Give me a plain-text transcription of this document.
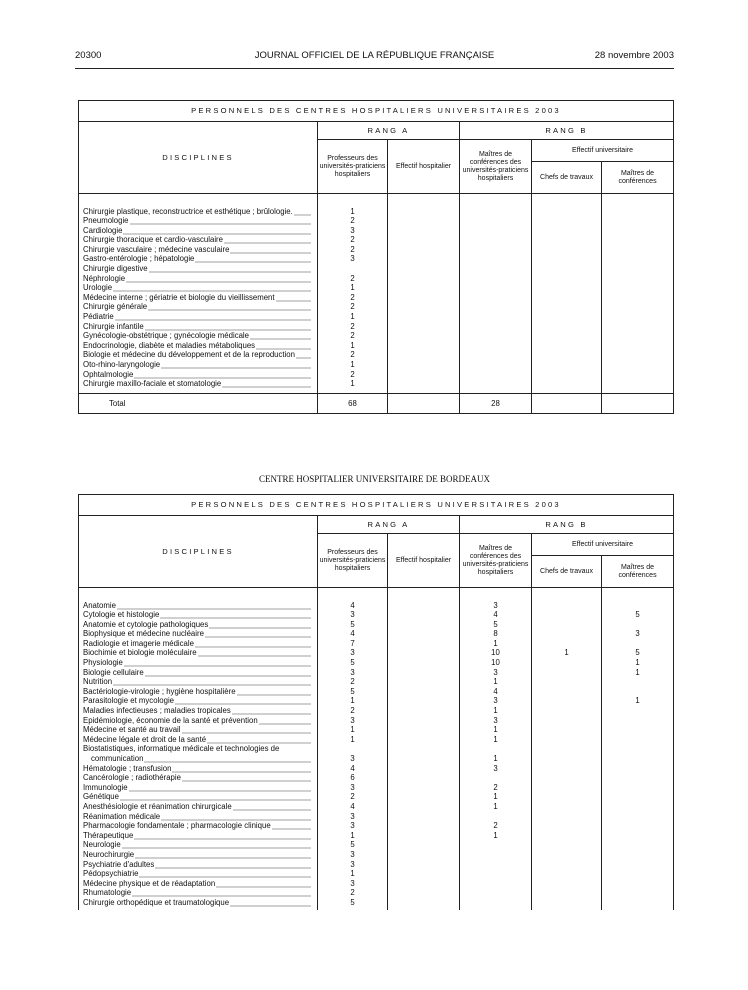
20300	JOURNAL OFFICIEL DE LA RÉPUBLIQUE FRANÇAISE	28 novembre 2003
PERSONNELS DES CENTRES HOSPITALIERS UNIVERSITAIRES 2003					
DISCIPLINES	RANG A		RANG B		
	Professeurs des universités-praticiens hospitaliers	Effectif hospitalier	Maîtres de conférences des universités-praticiens hospitaliers	Effectif universitaire	
				Chefs de travaux	Maîtres de conférences

Chirurgie plastique, reconstructrice et esthétique ; brûlologie.	1				
Pneumologie	2				
Cardiologie	3				
Chirurgie thoracique et cardio-vasculaire	2				
Chirurgie vasculaire ; médecine vasculaire	2				
Gastro-entérologie ; hépatologie	3				
Chirurgie digestive					
Néphrologie	2				
Urologie	1				
Médecine interne ; gériatrie et biologie du vieillissement	2				
Chirurgie générale	2				
Pédiatrie	1				
Chirurgie infantile	2				
Gynécologie-obstétrique ; gynécologie médicale	2				
Endocrinologie, diabète et maladies métaboliques	1				
Biologie et médecine du développement et de la reproduction	2				
Oto-rhino-laryngologie	1				
Ophtalmologie	2				
Chirurgie maxillo-faciale et stomatologie	1				

Total	68		28		
CENTRE HOSPITALIER UNIVERSITAIRE DE BORDEAUX
PERSONNELS DES CENTRES HOSPITALIERS UNIVERSITAIRES 2003					
DISCIPLINES	RANG A		RANG B		
	Professeurs des universités-praticiens hospitaliers	Effectif hospitalier	Maîtres de conférences des universités-praticiens hospitaliers	Effectif universitaire	
				Chefs de travaux	Maîtres de conférences

Anatomie	4		3		
Cytologie et histologie	3		4		5
Anatomie et cytologie pathologiques	5		5		
Biophysique et médecine nucléaire	4		8		3
Radiologie et imagerie médicale	7		1		
Biochimie et biologie moléculaire	3		10	1	5
Physiologie	5		10		1
Biologie cellulaire	3		3		1
Nutrition	2		1		
Bactériologie-virologie ; hygiène hospitalière	5		4		
Parasitologie et mycologie	1		3		1
Maladies infectieuses ; maladies tropicales	2		1		
Epidémiologie, économie de la santé et prévention	3		3		
Médecine et santé au travail	1		1		
Médecine légale et droit de la santé	1		1		
Biostatistiques, informatique médicale et technologies de					
communication	3		1		
Hématologie ; transfusion	4		3		
Cancérologie ; radiothérapie	6				
Immunologie	3		2		
Génétique	2		1		
Anesthésiologie et réanimation chirurgicale	4		1		
Réanimation médicale	3				
Pharmacologie fondamentale ; pharmacologie clinique	3		2		
Thérapeutique	1		1		
Neurologie	5				
Neurochirurgie	3				
Psychiatrie d'adultes	3				
Pédopsychiatrie	1				
Médecine physique et de réadaptation	3				
Rhumatologie	2				
Chirurgie orthopédique et traumatologique	5				
